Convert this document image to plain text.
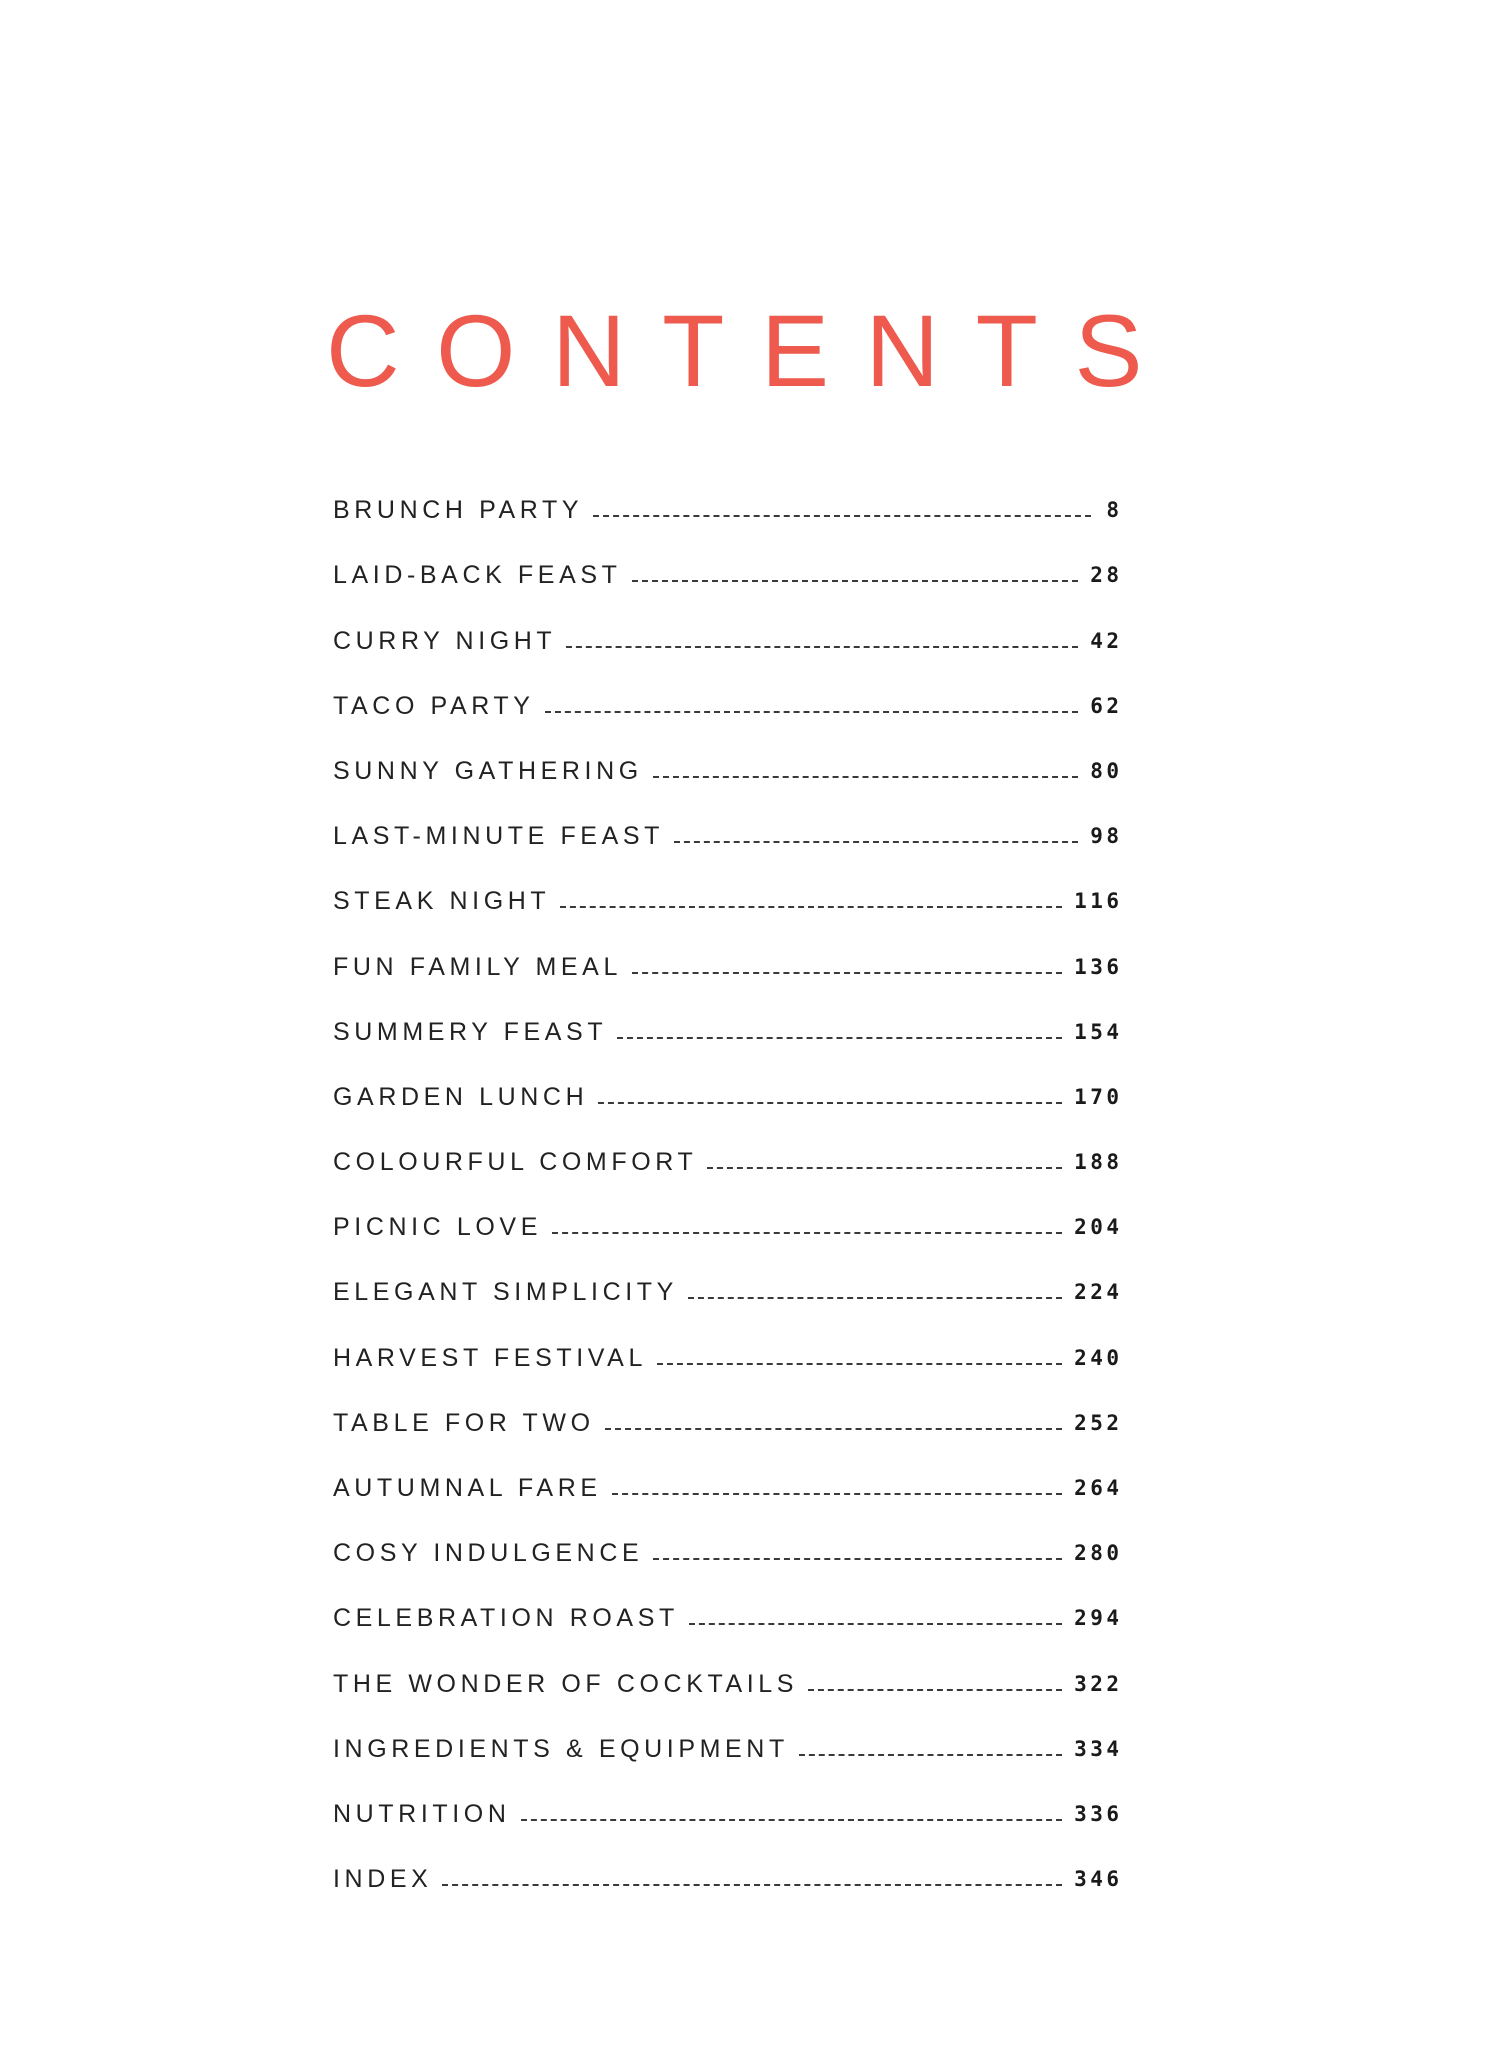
CONTENTS
BRUNCH PARTY	8
LAID-BACK FEAST	28
CURRY NIGHT	42
TACO PARTY	62
SUNNY GATHERING	80
LAST-MINUTE FEAST	98
STEAK NIGHT	116
FUN FAMILY MEAL	136
SUMMERY FEAST	154
GARDEN LUNCH	170
COLOURFUL COMFORT	188
PICNIC LOVE	204
ELEGANT SIMPLICITY	224
HARVEST FESTIVAL	240
TABLE FOR TWO	252
AUTUMNAL FARE	264
COSY INDULGENCE	280
CELEBRATION ROAST	294
THE WONDER OF COCKTAILS	322
INGREDIENTS & EQUIPMENT	334
NUTRITION	336
INDEX	346
